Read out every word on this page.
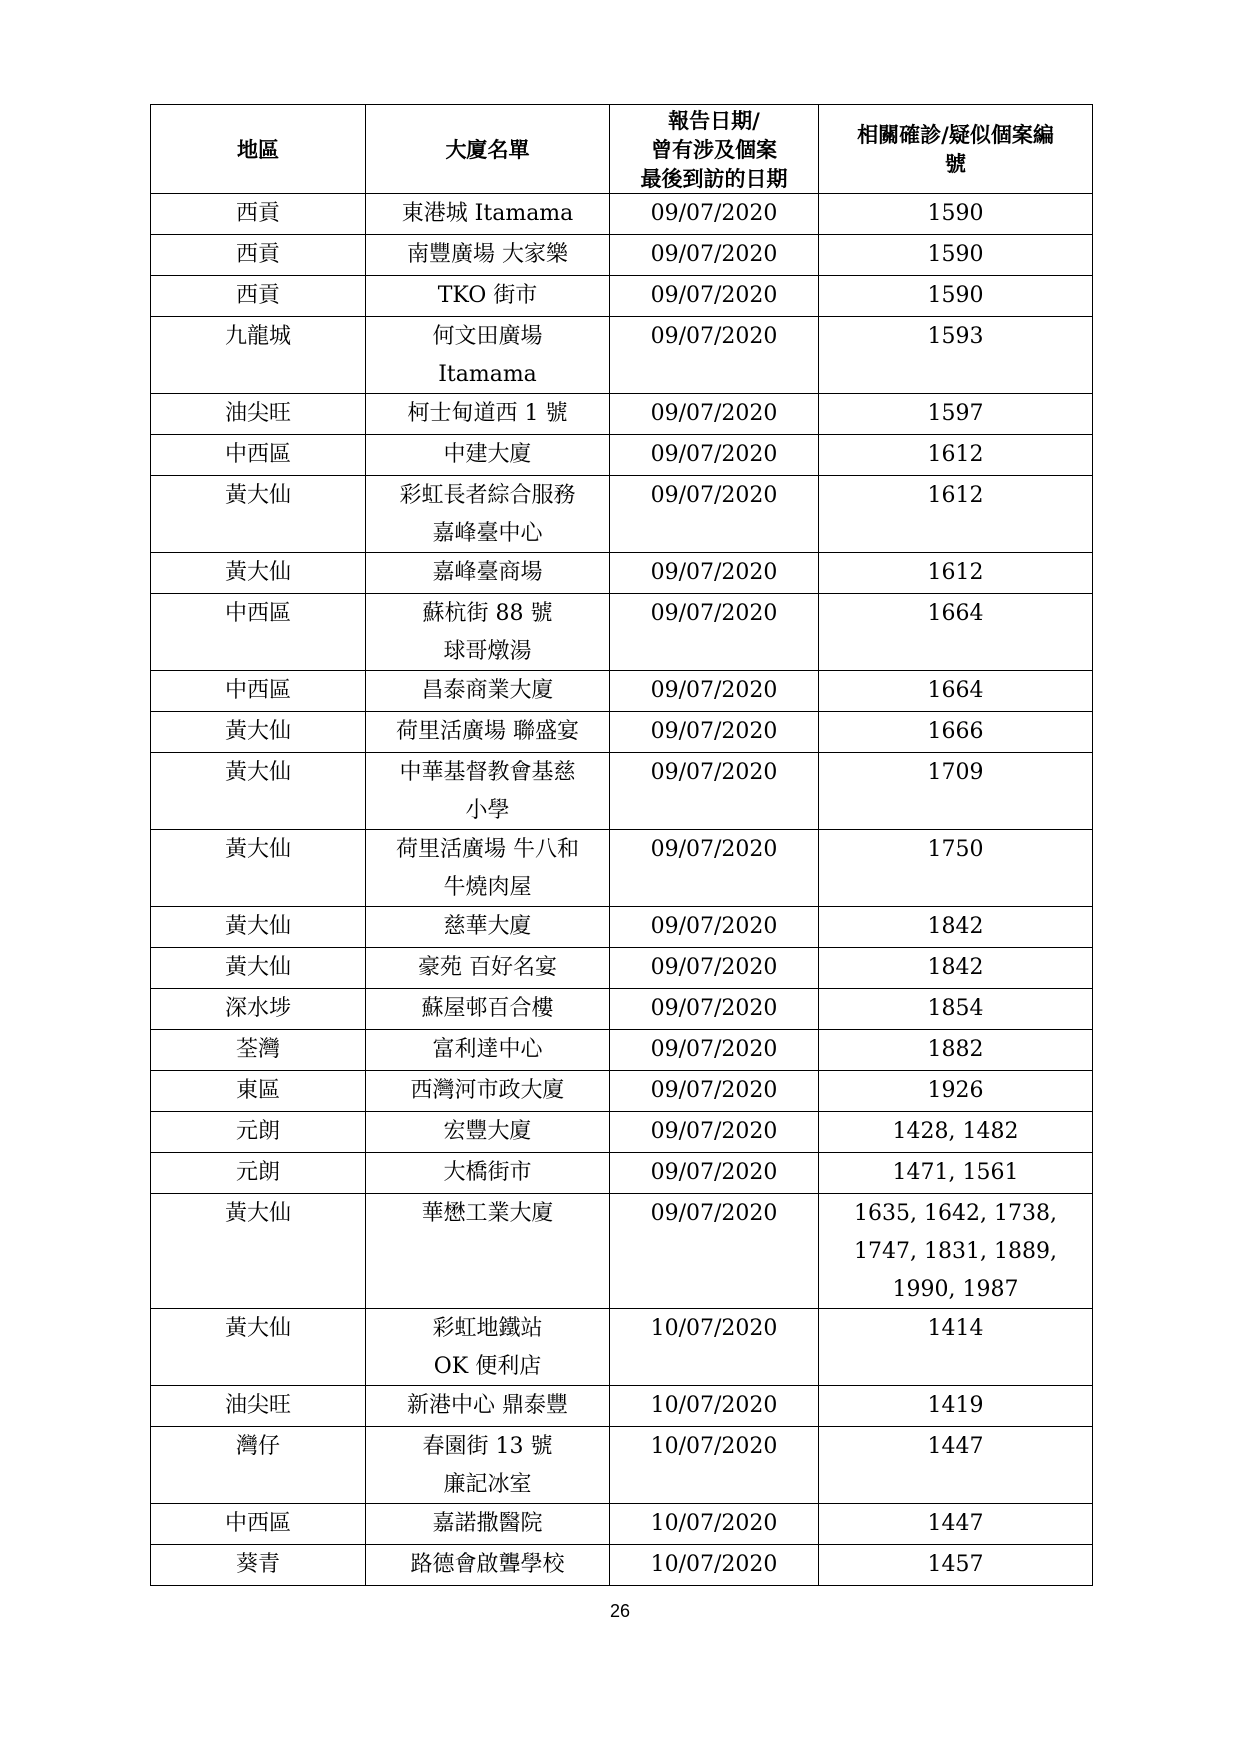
地區	大廈名單	報告日期/
曾有涉及個案
最後到訪的日期	相關確診/疑似個案編
號

西貢	東港城 Itamama	09/07/2020	1590

西貢	南豐廣場 大家樂	09/07/2020	1590

西貢	TKO 街市	09/07/2020	1590

九龍城	何文田廣場
Itamama	09/07/2020	1593

油尖旺	柯士甸道西 1 號	09/07/2020	1597

中西區	中建大廈	09/07/2020	1612

黃大仙	彩虹長者綜合服務
嘉峰臺中心	09/07/2020	1612

黃大仙	嘉峰臺商場	09/07/2020	1612

中西區	蘇杭街 88 號
球哥燉湯	09/07/2020	1664

中西區	昌泰商業大廈	09/07/2020	1664

黃大仙	荷里活廣場 聯盛宴	09/07/2020	1666

黃大仙	中華基督教會基慈
小學	09/07/2020	1709

黃大仙	荷里活廣場 牛八和
牛燒肉屋	09/07/2020	1750

黃大仙	慈華大廈	09/07/2020	1842

黃大仙	豪苑 百好名宴	09/07/2020	1842

深水埗	蘇屋邨百合樓	09/07/2020	1854

荃灣	富利達中心	09/07/2020	1882

東區	西灣河市政大廈	09/07/2020	1926

元朗	宏豐大廈	09/07/2020	1428, 1482

元朗	大橋街市	09/07/2020	1471, 1561

黃大仙	華懋工業大廈	09/07/2020	1635, 1642, 1738,
1747, 1831, 1889,
1990, 1987

黃大仙	彩虹地鐵站
OK 便利店	10/07/2020	1414

油尖旺	新港中心 鼎泰豐	10/07/2020	1419

灣仔	春園街 13 號
廉記冰室	10/07/2020	1447

中西區	嘉諾撒醫院	10/07/2020	1447

葵青	路德會啟聾學校	10/07/2020	1457
26
